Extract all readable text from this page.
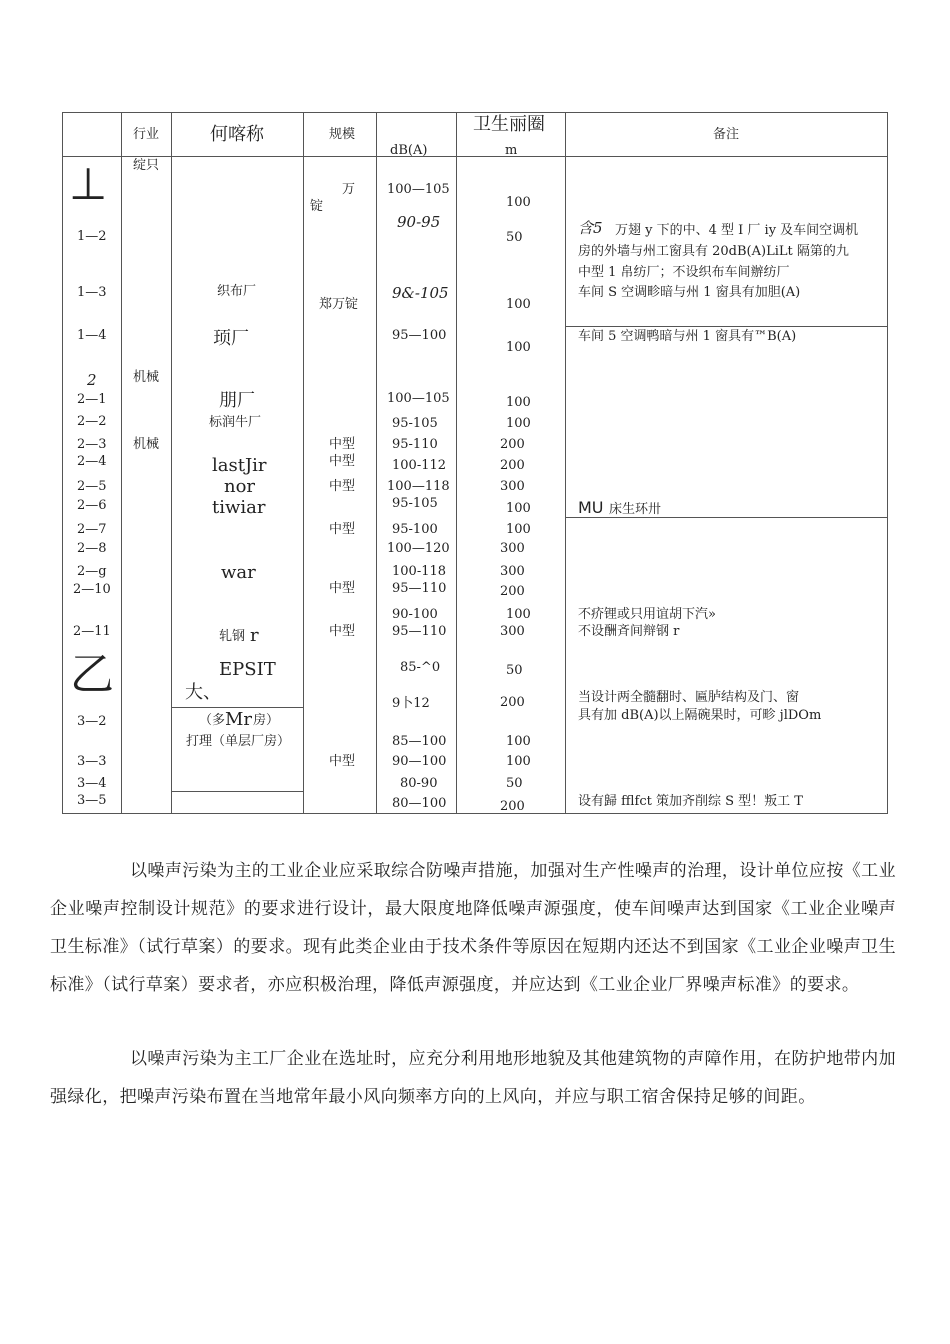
行业	何喀称	规模
dB(A)
卫生丽圈
m
备注
⊥
1—2
1—3
1—4
2
2—1
2—2
2—3
2—4
2—5
2—6
2—7
2—8
2—g
2—10
2—11
乙
3—2
3—3
3—4
3—5
绽只
机械
机械
织布厂
顼厂
朋厂
标润牛厂
lastJir
nor
tiwiar
war
轧钢 r
EPSIT
大、
（多 Mr 房）
打理（单层厂房）
万
锭
郑万锭
中型
中型
中型
中型
中型
中型
中型
100—105
90-95
9&-105
95—100
100—105
95-105
95-110
100-112
100—118
95-105
95-100
100—120
100-118
95—110
90-100
95—110
85-^0
9卜12
85—100
90—100
80-90
80—100
100
50
100
100
100
100
200
200
300
100
100
300
300
200
100
300
50
200
100
100
50
200
含5 万翅 y 下的中、4 型 I 厂 iy 及车间空调机
房的外墙与州工窗具有 20dB(A)LiLt 隔第的九
中型 1 帛纺厂；不设织布车间辦纺厂
车间 S 空调畛暗与州 1 窗具有加胆(A)
车间 5 空调鸭暗与州 1 窗具有™B(A)
MU 床生环卅
不疥锂或只用谊胡下汽»
不设酬斉间辩钢 r
当设计两全髓翻时、匾胪结构及门、窗
具有加 dB(A)以上隔碗果时，可畛 jlDOm
设有歸 fflfct 策加齐削综 S 型！叛工 T

以噪声污染为主的工业企业应采取综合防噪声措施，加强对生产性噪声的治理，设计单位应按《工业企业噪声控制设计规范》的要求进行设计，最大限度地降低噪声源强度，使车间噪声达到国家《工业企业噪声卫生标准》（试行草案）的要求。现有此类企业由于技术条件等原因在短期内还达不到国家《工业企业噪声卫生标准》（试行草案）要求者，亦应积极治理，降低声源强度，并应达到《工业企业厂界噪声标准》的要求。

以噪声污染为主工厂企业在选址时，应充分利用地形地貌及其他建筑物的声障作用，在防护地带内加强绿化，把噪声污染布置在当地常年最小风向频率方向的上风向，并应与职工宿舍保持足够的间距。
